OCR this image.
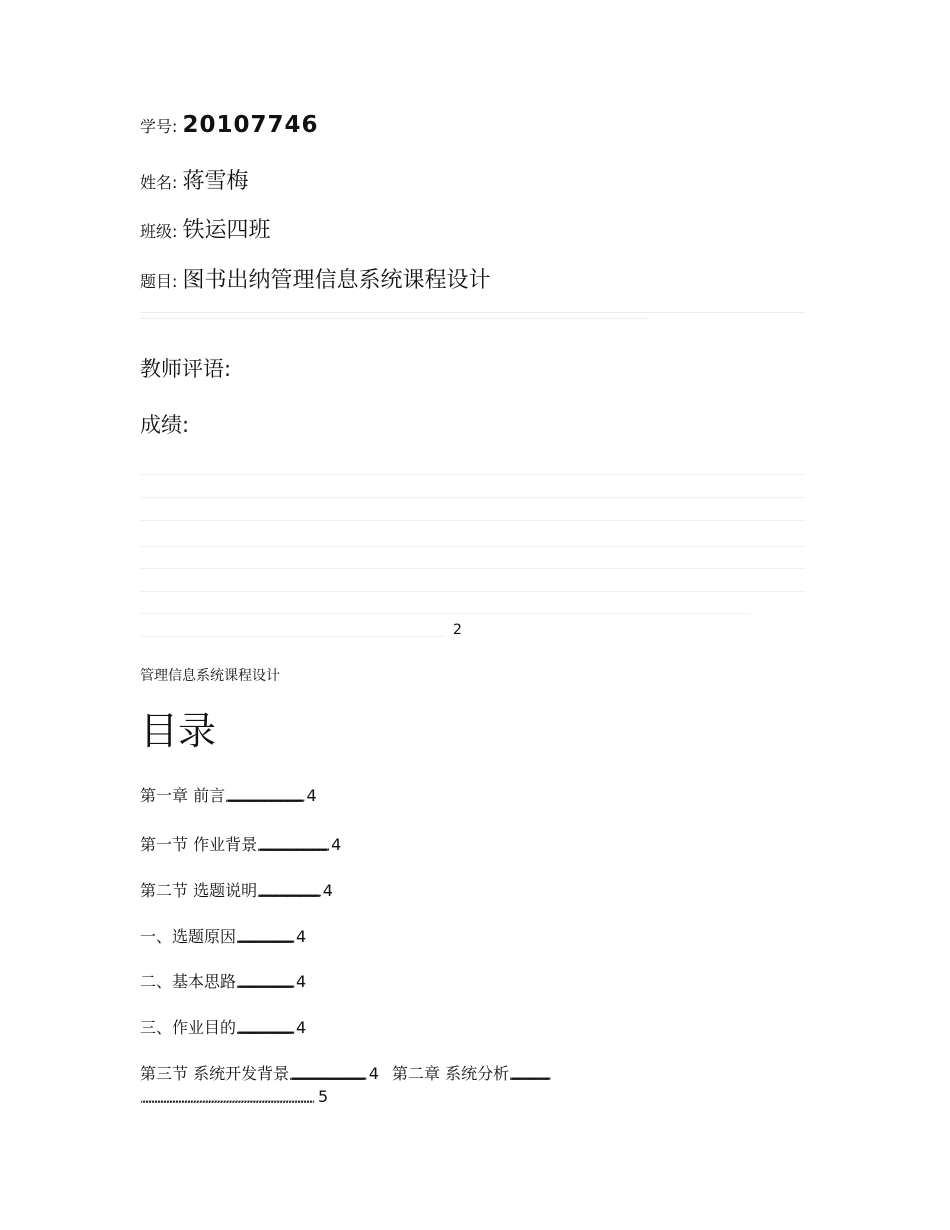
学号: 20107746
姓名: 蒋雪梅
班级: 铁运四班
题目: 图书出纳管理信息系统课程设计
教师评语:
成绩:
2
管理信息系统课程设计
目录
第一章 前言„„„„„„„„„„„„„„„„„„„„„„„„„„„„„„„„„„„„„„„„„„„„„„„„„„„„„„„„„„„„„„ 4
第一节 作业背景„„„„„„„„„„„„„„„„„„„„„„„„„„„„„„„„„„„„„„„„„„„„„„„„„„„„„„„„ 4
第二节 选题说明„„„„„„„„„„„„„„„„„„„„„„„„„„„„„„„„„„„„„„„„„„„„„„„„„„„„„„„„ 4
一、选题原因„„„„„„„„„„„„„„„„„„„„„„„„„„„„„„„„„„„„„„„„„„„„„„„„„„„„„„„„ 4
二、基本思路„„„„„„„„„„„„„„„„„„„„„„„„„„„„„„„„„„„„„„„„„„„„„„„„„„„„„„„„ 4
三、作业目的„„„„„„„„„„„„„„„„„„„„„„„„„„„„„„„„„„„„„„„„„„„„„„„„„„„„„„„„ 4
第三节 系统开发背景„„„„„„„„„„„„„„„„„„„„„„„„„„„„„„„„„„„„„„„„„„„„„„„„„„„„„„„„ 4 第二章 系统分析„„„„„„„„„„„„„„„„„„„„„„„„„„„„„„„„„„„„„
„„„„„„„„„„„„„„„„„„„„„„„„„„„„„„„„„„„„„„„„„„„„„„„„„„„„„„„„„„ 5
